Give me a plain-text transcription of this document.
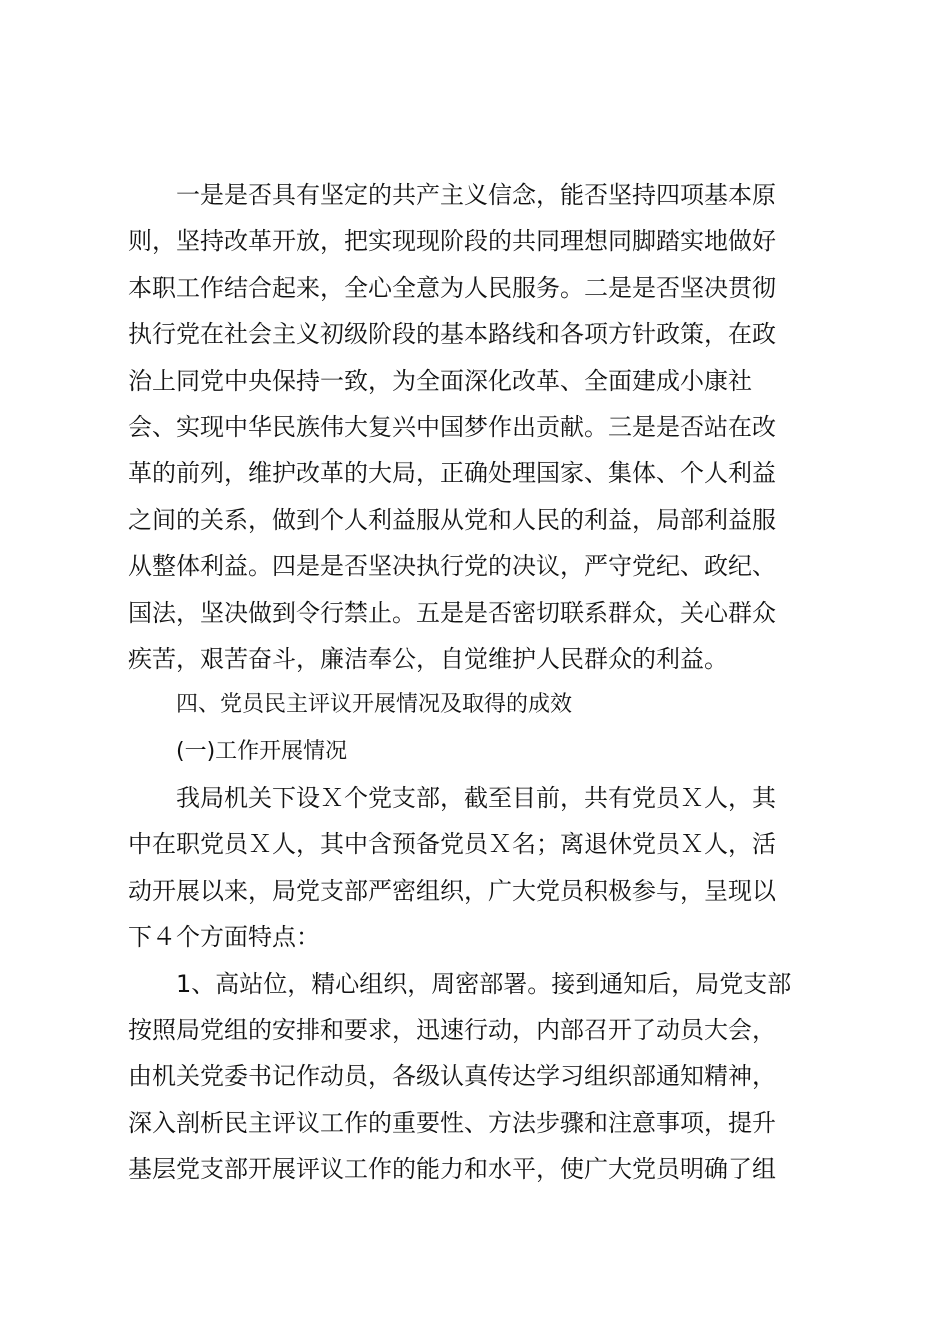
一是是否具有坚定的共产主义信念，能否坚持四项基本原
则，坚持改革开放，把实现现阶段的共同理想同脚踏实地做好
本职工作结合起来，全心全意为人民服务。二是是否坚决贯彻
执行党在社会主义初级阶段的基本路线和各项方针政策，在政
治上同党中央保持一致，为全面深化改革、全面建成小康社
会、实现中华民族伟大复兴中国梦作出贡献。三是是否站在改
革的前列，维护改革的大局，正确处理国家、集体、个人利益
之间的关系，做到个人利益服从党和人民的利益，局部利益服
从整体利益。四是是否坚决执行党的决议，严守党纪、政纪、
国法，坚决做到令行禁止。五是是否密切联系群众，关心群众
疾苦，艰苦奋斗，廉洁奉公，自觉维护人民群众的利益。
四、党员民主评议开展情况及取得的成效
(一)工作开展情况
我局机关下设Ｘ个党支部，截至目前，共有党员Ｘ人，其
中在职党员Ｘ人，其中含预备党员Ｘ名；离退休党员Ｘ人，活
动开展以来，局党支部严密组织，广大党员积极参与，呈现以
下４个方面特点：
1、高站位，精心组织，周密部署。接到通知后，局党支部
按照局党组的安排和要求，迅速行动，内部召开了动员大会，
由机关党委书记作动员，各级认真传达学习组织部通知精神，
深入剖析民主评议工作的重要性、方法步骤和注意事项，提升
基层党支部开展评议工作的能力和水平，使广大党员明确了组
